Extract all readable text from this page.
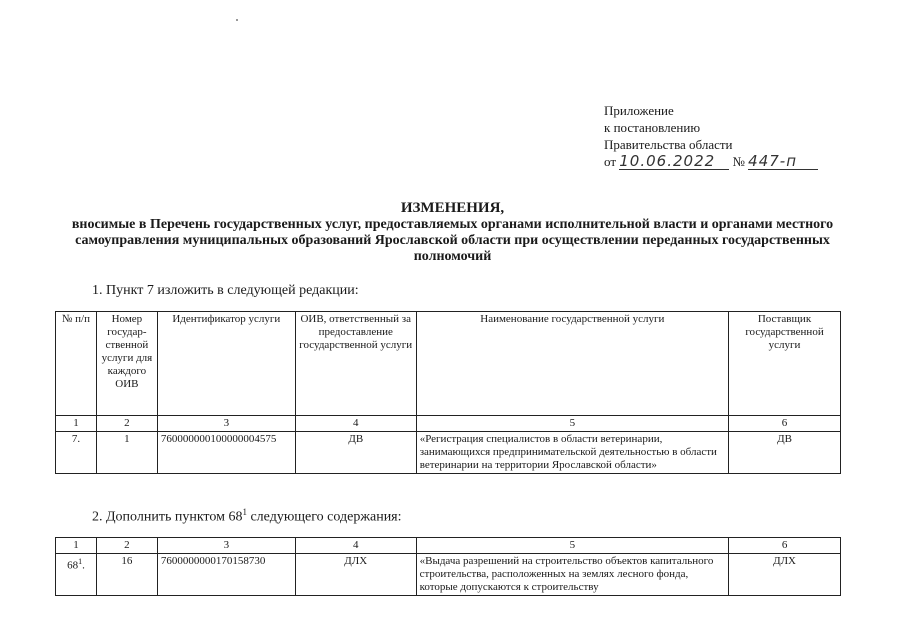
Приложение
к постановлению
Правительства области
от 10.06.2022 № 447-п
ИЗМЕНЕНИЯ,
вносимые в Перечень государственных услуг, предоставляемых органами исполнительной власти и органами местного самоуправления муниципальных образований Ярославской области при осуществлении переданных государственных полномочий
1. Пункт 7 изложить в следующей редакции:
№ п/п	Номер государ-ственной услуги для каждого ОИВ	Идентификатор услуги	ОИВ, ответственный за предоставление государственной услуги	Наименование государственной услуги	Поставщик государственной услуги
1	2	3	4	5	6
7.	1	760000000100000004575	ДВ	«Регистрация специалистов в области ветеринарии, занимающихся предпринимательской деятельностью в области ветеринарии на территории Ярославской области»	ДВ
2. Дополнить пунктом $68^1$ следующего содержания:
1	2	3	4	5	6
$68^1$.	16	7600000000170158730	ДЛХ	«Выдача разрешений на строительство объектов капитального строительства, расположенных на землях лесного фонда, которые допускаются к строительству	ДЛХ
